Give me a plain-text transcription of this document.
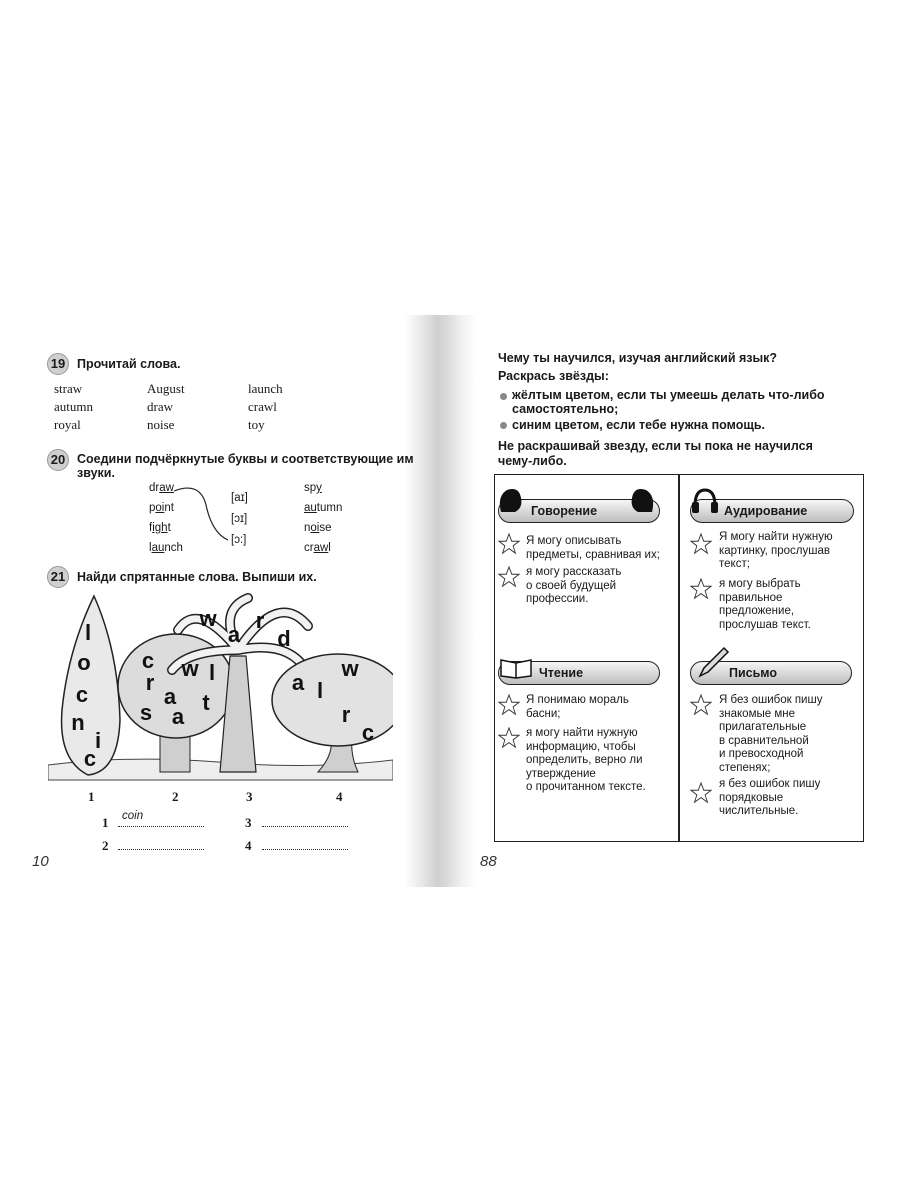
19 Прочитай слова.
straw	August	launch
autumn	draw	crawl
royal	noise	toy
20 Соедини подчёркнутые буквы и соответствующие им
звуки.
draw
point
fight
launch
[aɪ]
[ɔɪ]
[ɔ:]
spy
autumn
noise
crawl
21 Найди спрятанные слова. Выпиши их.
l
o
c
n
i
c
c
r
a
w
s a
t
l
w
a
r
d
c
r
a
w
l
1	2	3	4
1 coin	3
2	4
10
Чему ты научился, изучая английский язык?
Раскрась звёзды:
жёлтым цветом, если ты умеешь делать что-либо
самостоятельно;
синим цветом, если тебе нужна помощь.
Не раскрашивай звезду, если ты пока не научился
чему-либо.
Говорение	Аудирование
Чтение	Письмо
Я могу описывать
предметы, сравнивая их;
я могу рассказать
о своей будущей
профессии.
Я могу найти нужную
картинку, прослушав
текст;
я могу выбрать
правильное
предложение,
прослушав текст.
Я понимаю мораль
басни;
я могу найти нужную
информацию, чтобы
определить, верно ли
утверждение
о прочитанном тексте.
Я без ошибок пишу
знакомые мне
прилагательные
в сравнительной
и превосходной
степенях;
я без ошибок пишу
порядковые
числительные.
88
